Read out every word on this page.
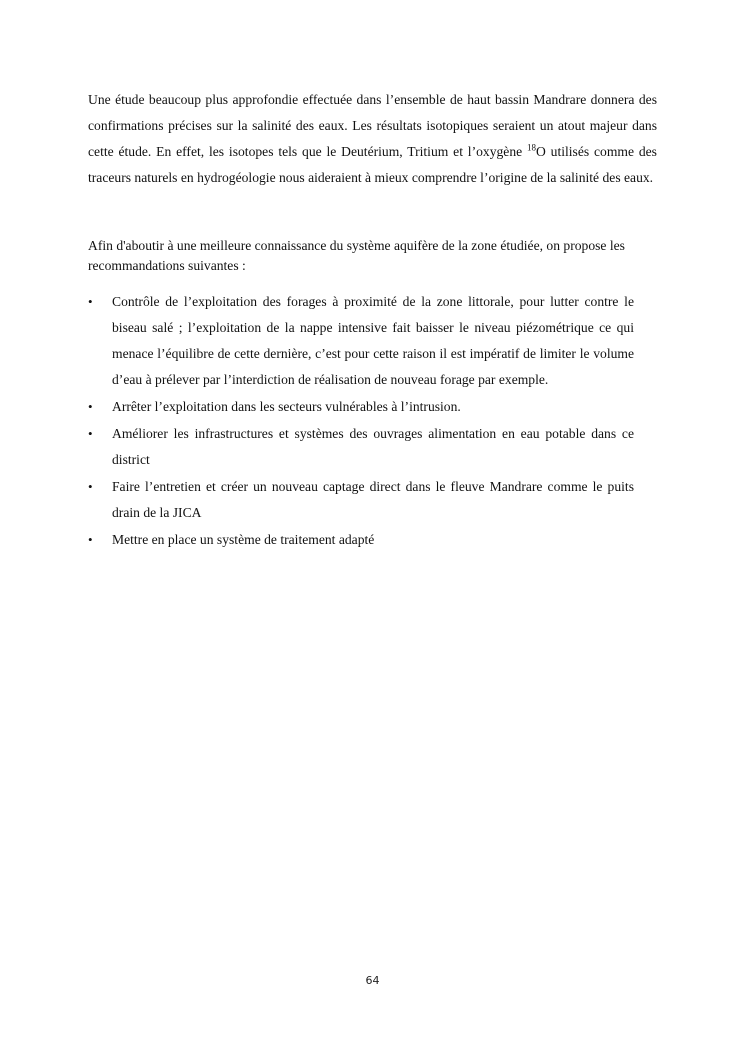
Une étude beaucoup plus approfondie effectuée dans l’ensemble de haut bassin Mandrare donnera des confirmations précises sur la salinité des eaux. Les résultats isotopiques seraient un atout majeur dans cette étude. En effet, les isotopes tels que le Deutérium, Tritium et l’oxygène $^{18}$O utilisés comme des traceurs naturels en hydrogéologie nous aideraient à mieux comprendre l’origine de la salinité des eaux.

Afin d'aboutir à une meilleure connaissance du système aquifère de la zone étudiée, on propose les recommandations suivantes :

• Contrôle de l’exploitation des forages à proximité de la zone littorale, pour lutter contre le biseau salé ; l’exploitation de la nappe intensive fait baisser le niveau piézométrique ce qui menace l’équilibre de cette dernière, c’est pour cette raison il est impératif de limiter le volume d’eau à prélever par l’interdiction de réalisation de nouveau forage par exemple.
• Arrêter l’exploitation dans les secteurs vulnérables à l’intrusion.
• Améliorer les infrastructures et systèmes des ouvrages alimentation en eau potable dans ce district
• Faire l’entretien et créer un nouveau captage direct dans le fleuve Mandrare comme le puits drain de la JICA
• Mettre en place un système de traitement adapté
64
